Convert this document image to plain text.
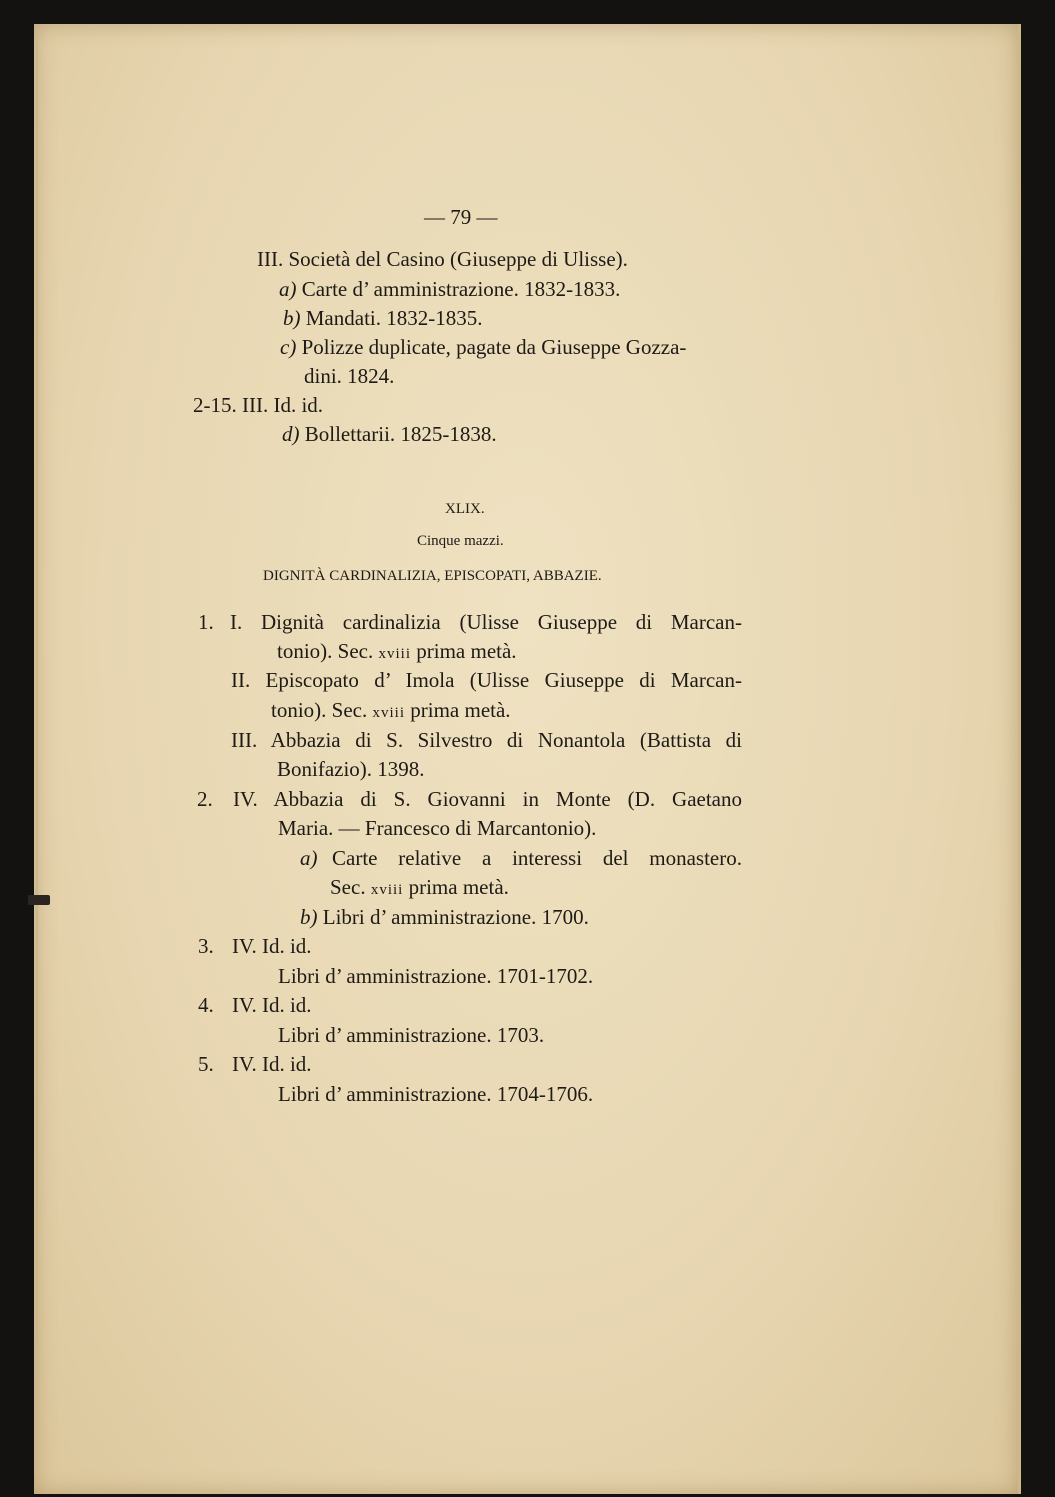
— 79 —

III. Società del Casino (Giuseppe di Ulisse).

a) Carte d’ amministrazione. 1832-1833.

b) Mandati. 1832-1835.

c) Polizze duplicate, pagate da Giuseppe Gozza-

dini. 1824.

2-15. III. Id. id.

d) Bollettarii. 1825-1838.

XLIX.

Cinque mazzi.

DIGNITÀ CARDINALIZIA, EPISCOPATI, ABBAZIE.

1. I. Dignità cardinalizia (Ulisse Giuseppe di Marcan-

tonio). Sec. xviii prima metà.

II. Episcopato d’ Imola (Ulisse Giuseppe di Marcan-

tonio). Sec. xviii prima metà.

III. Abbazia di S. Silvestro di Nonantola (Battista di

Bonifazio). 1398.

2. IV. Abbazia di S. Giovanni in Monte (D. Gaetano

Maria. — Francesco di Marcantonio).

a) Carte relative a interessi del monastero.

Sec. xviii prima metà.

b) Libri d’ amministrazione. 1700.

3. IV. Id. id.

Libri d’ amministrazione. 1701-1702.

4. IV. Id. id.

Libri d’ amministrazione. 1703.

5. IV. Id. id.

Libri d’ amministrazione. 1704-1706.
